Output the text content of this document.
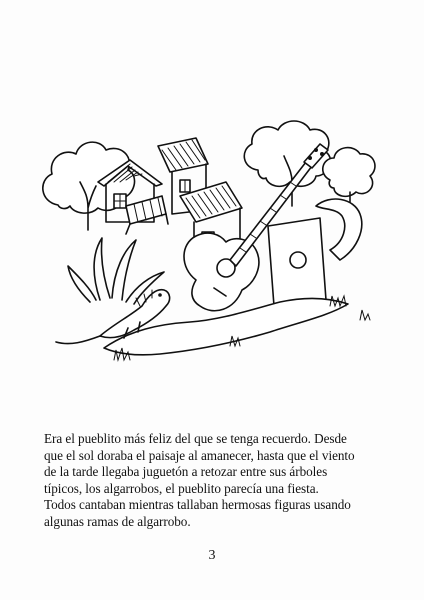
Era el pueblito más feliz del que se tenga recuerdo. Desde
que el sol doraba el paisaje al amanecer, hasta que el viento
de la tarde llegaba juguetón a retozar entre sus árboles
típicos, los algarrobos, el pueblito parecía una fiesta.
Todos cantaban mientras tallaban hermosas figuras usando
algunas ramas de algarrobo.

3
